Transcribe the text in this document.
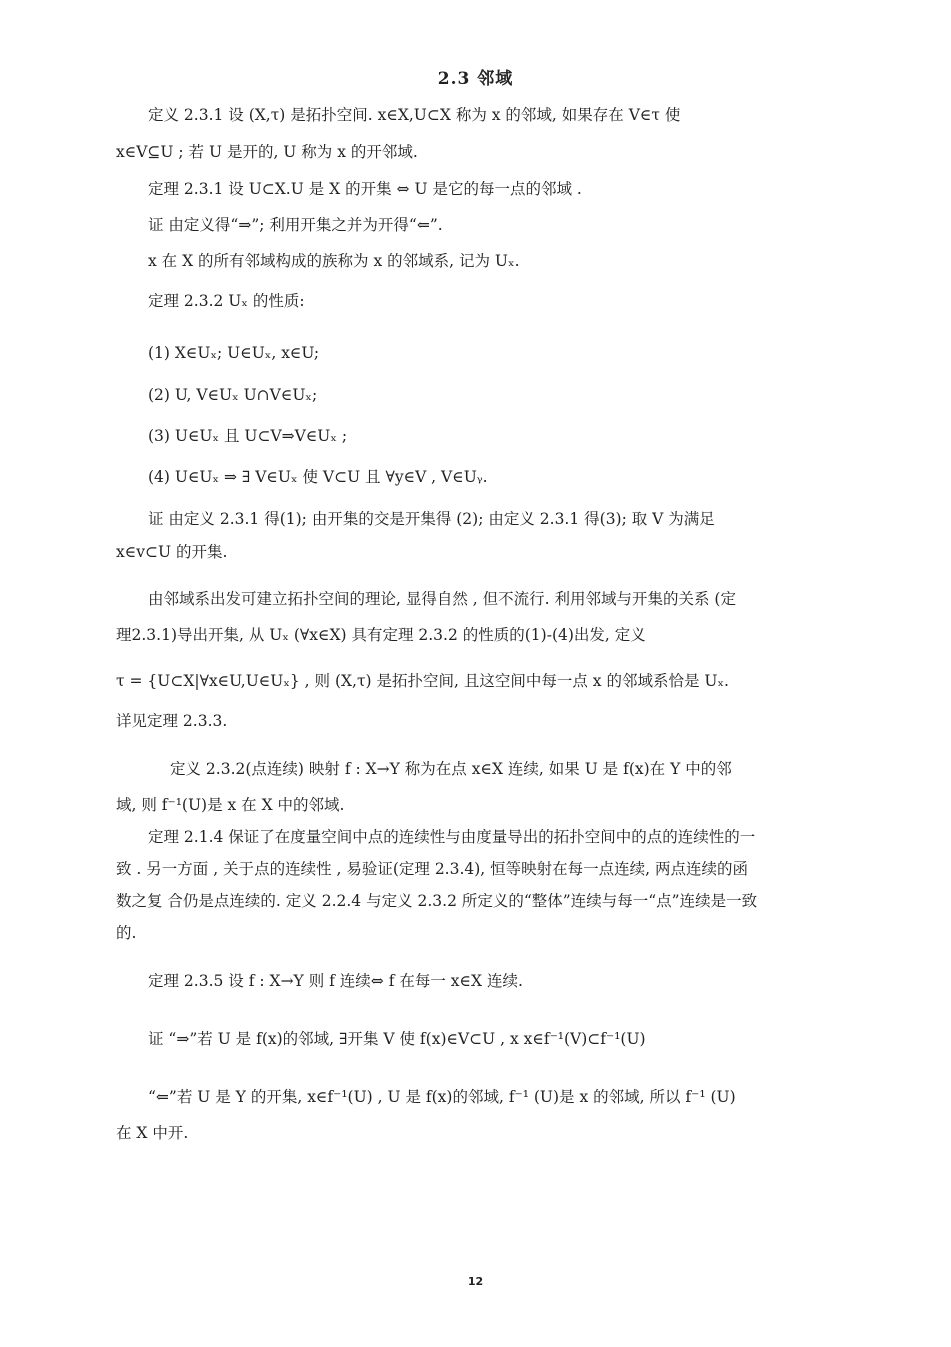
2.3 邻域
定义 2.3.1 设 (X,τ) 是拓扑空间. x∈X,U⊂X 称为 x 的邻域, 如果存在 V∈τ 使
x∈V⊆U ; 若 U 是开的, U 称为 x 的开邻域.
定理 2.3.1 设 U⊂X.U 是 X 的开集 ⇔ U 是它的每一点的邻域 .
证 由定义得“⇒”; 利用开集之并为开得“⇐”.
x 在 X 的所有邻域构成的族称为 x 的邻域系, 记为 Uₓ.
定理 2.3.2 Uₓ 的性质:
(1) X∈Uₓ; U∈Uₓ, x∈U;
(2) U, V∈Uₓ U∩V∈Uₓ;
(3) U∈Uₓ 且 U⊂V⇒V∈Uₓ ;
(4) U∈Uₓ ⇒ ∃ V∈Uₓ 使 V⊂U 且 ∀y∈V , V∈Uᵧ.
证 由定义 2.3.1 得(1); 由开集的交是开集得 (2); 由定义 2.3.1 得(3); 取 V 为满足
x∈v⊂U 的开集.
由邻域系出发可建立拓扑空间的理论, 显得自然 , 但不流行. 利用邻域与开集的关系 (定
理2.3.1)导出开集, 从 Uₓ (∀x∈X) 具有定理 2.3.2 的性质的(1)-(4)出发, 定义
τ = {U⊂X|∀x∈U,U∈Uₓ} , 则 (X,τ) 是拓扑空间, 且这空间中每一点 x 的邻域系恰是 Uₓ.
详见定理 2.3.3.
定义 2.3.2(点连续) 映射 f : X→Y 称为在点 x∈X 连续, 如果 U 是 f(x)在 Y 中的邻
域, 则 f⁻¹(U)是 x 在 X 中的邻域.
定理 2.1.4 保证了在度量空间中点的连续性与由度量导出的拓扑空间中的点的连续性的一
致 . 另一方面 , 关于点的连续性 , 易验证(定理 2.3.4), 恒等映射在每一点连续, 两点连续的函
数之复 合仍是点连续的. 定义 2.2.4 与定义 2.3.2 所定义的“整体”连续与每一“点”连续是一致
的.
定理 2.3.5 设 f : X→Y 则 f 连续⇔ f 在每一 x∈X 连续.
证 “⇒”若 U 是 f(x)的邻域, ∃开集 V 使 f(x)∈V⊂U , x x∈f⁻¹(V)⊂f⁻¹(U)
“⇐”若 U 是 Y 的开集, x∈f⁻¹(U) , U 是 f(x)的邻域, f⁻¹ (U)是 x 的邻域, 所以 f⁻¹ (U)
在 X 中开.
12
